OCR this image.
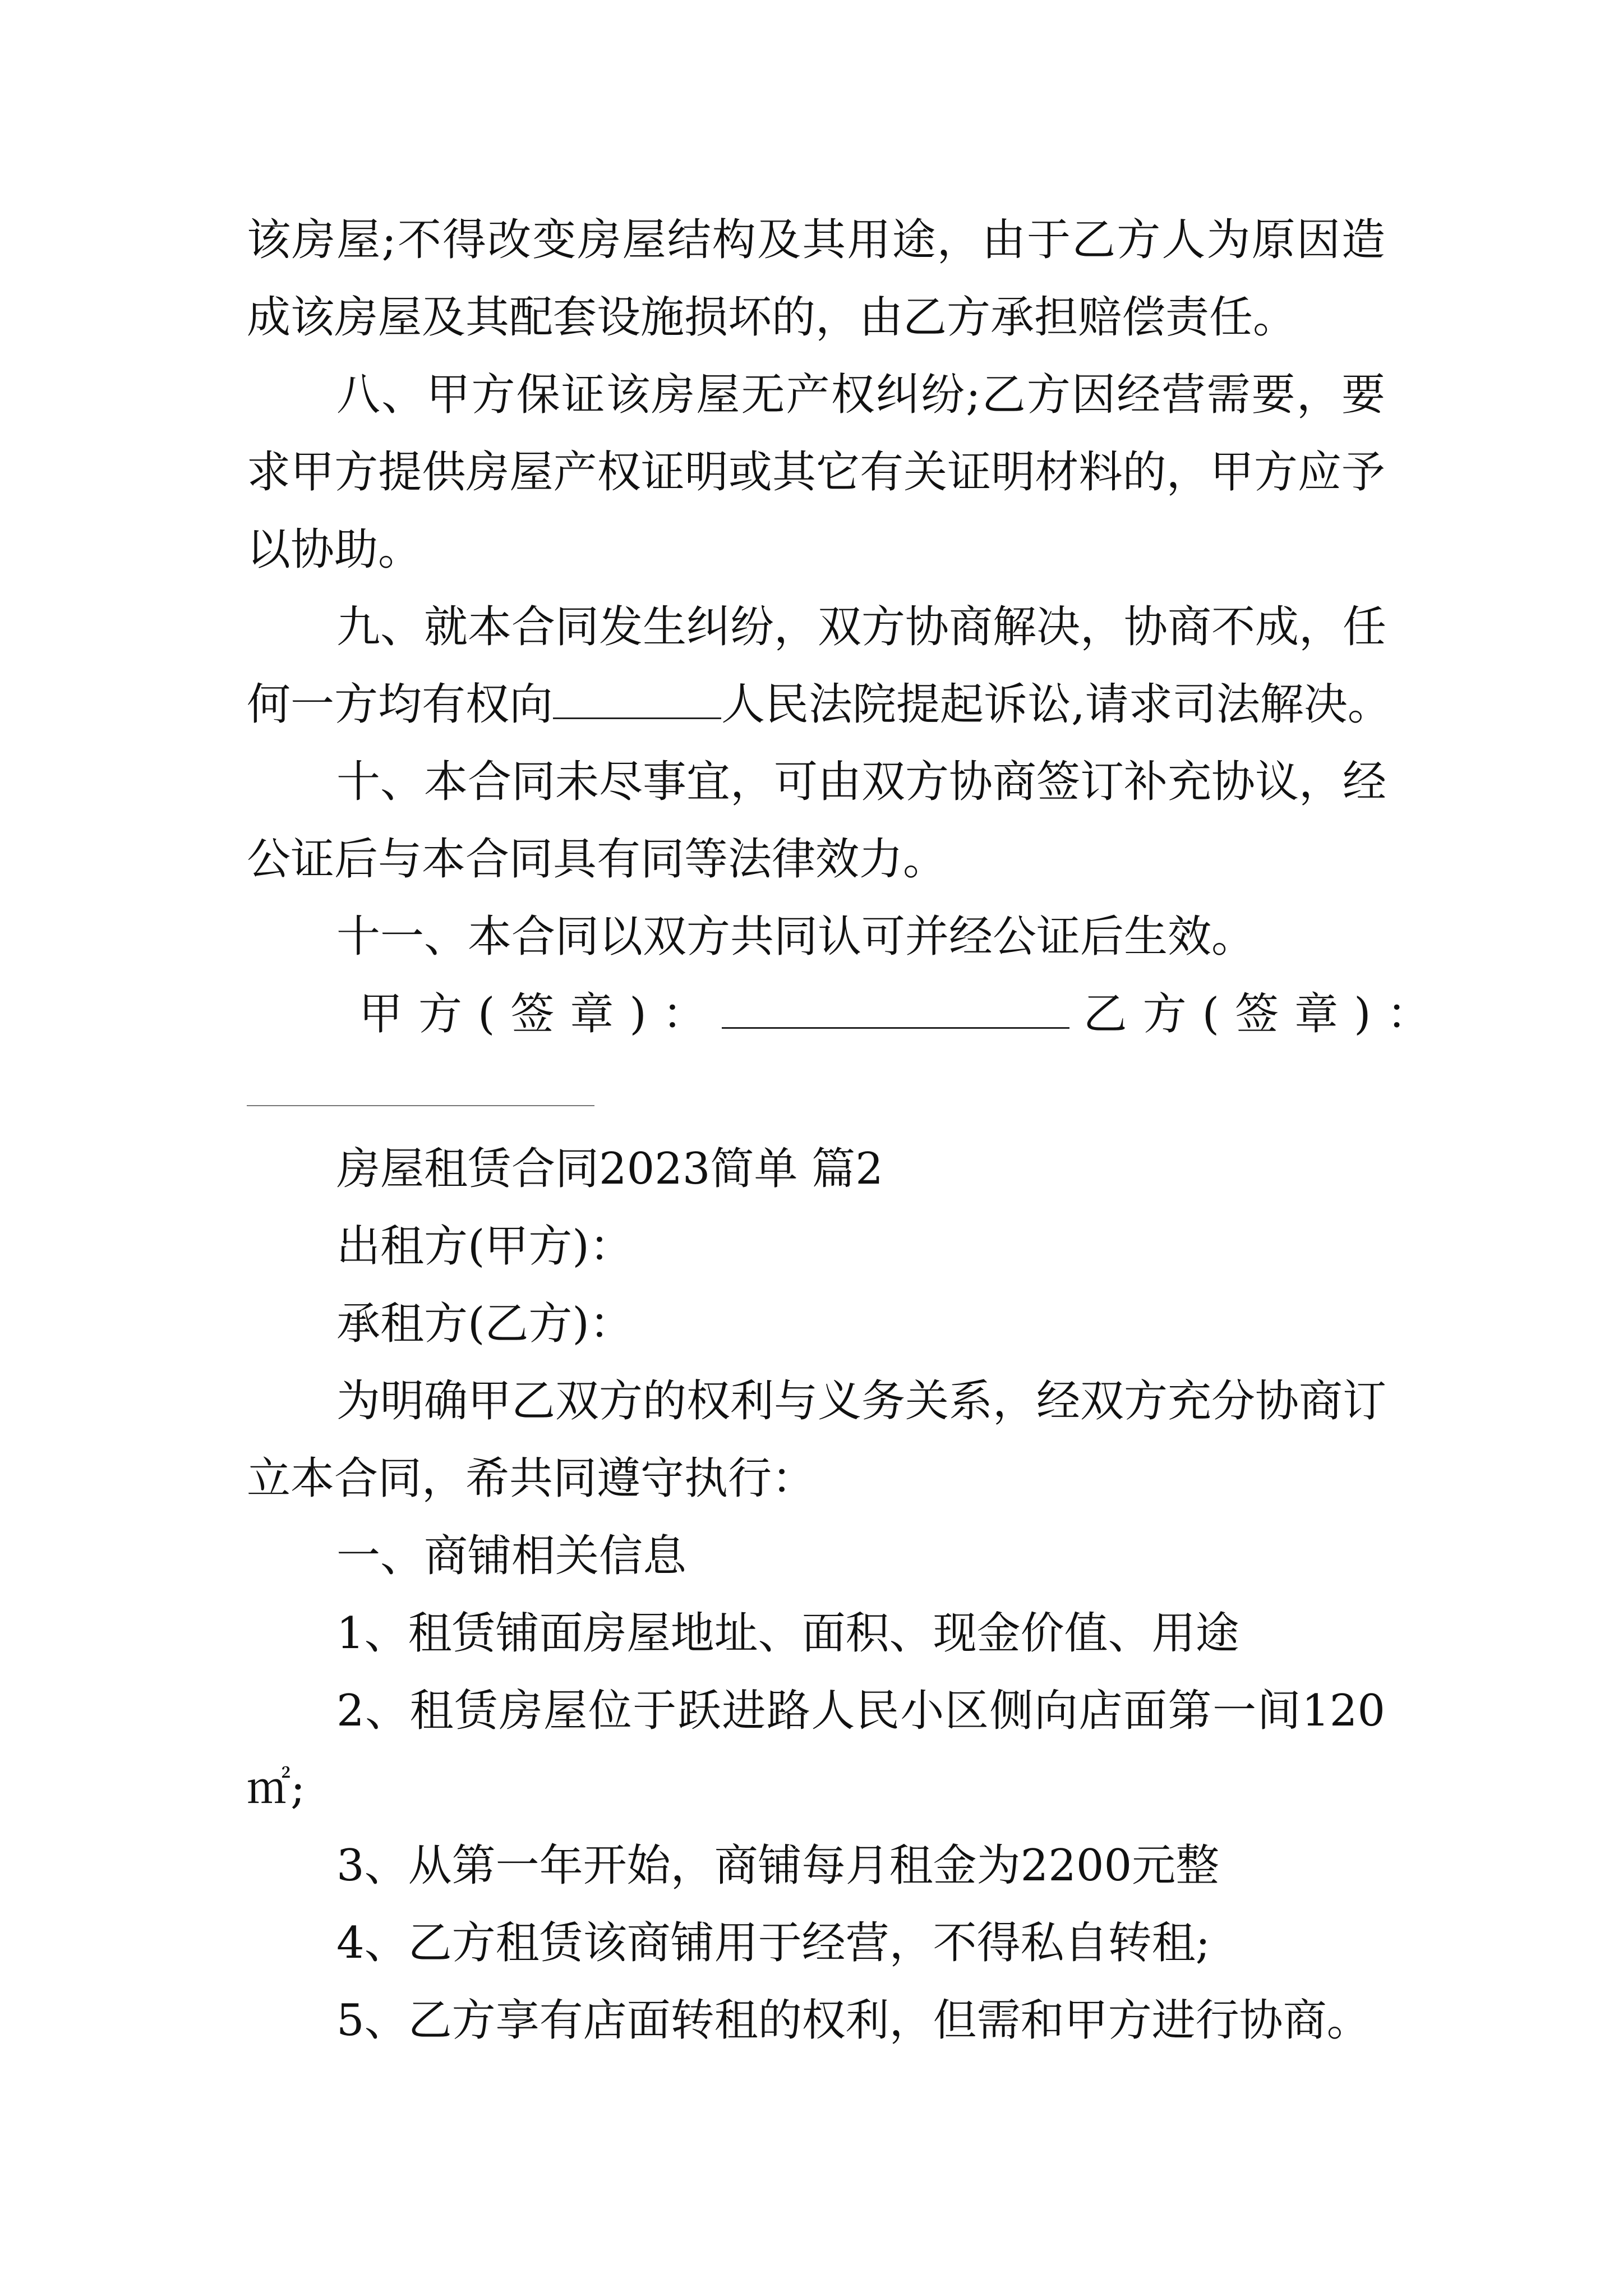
该房屋;不得改变房屋结构及其用途，由于乙方人为原因造
成该房屋及其配套设施损坏的，由乙方承担赔偿责任。
八、甲方保证该房屋无产权纠纷;乙方因经营需要，要
求甲方提供房屋产权证明或其它有关证明材料的，甲方应予
以协助。
九、就本合同发生纠纷，双方协商解决，协商不成，任
何一方均有权向	人民法院提起诉讼,请求司法解决。
十、本合同未尽事宜，可由双方协商签订补充协议，经
公证后与本合同具有同等法律效力。
十一、本合同以双方共同认可并经公证后生效。
甲方(签章)：	乙方(签章)：
房屋租赁合同2023简单 篇2
出租方(甲方)：
承租方(乙方)：
为明确甲乙双方的权利与义务关系，经双方充分协商订
立本合同，希共同遵守执行：
一、商铺相关信息
1、租赁铺面房屋地址、面积、现金价值、用途
2、租赁房屋位于跃进路人民小区侧向店面第一间120
㎡;
3、从第一年开始，商铺每月租金为2200元整
4、乙方租赁该商铺用于经营，不得私自转租;
5、乙方享有店面转租的权利，但需和甲方进行协商。
